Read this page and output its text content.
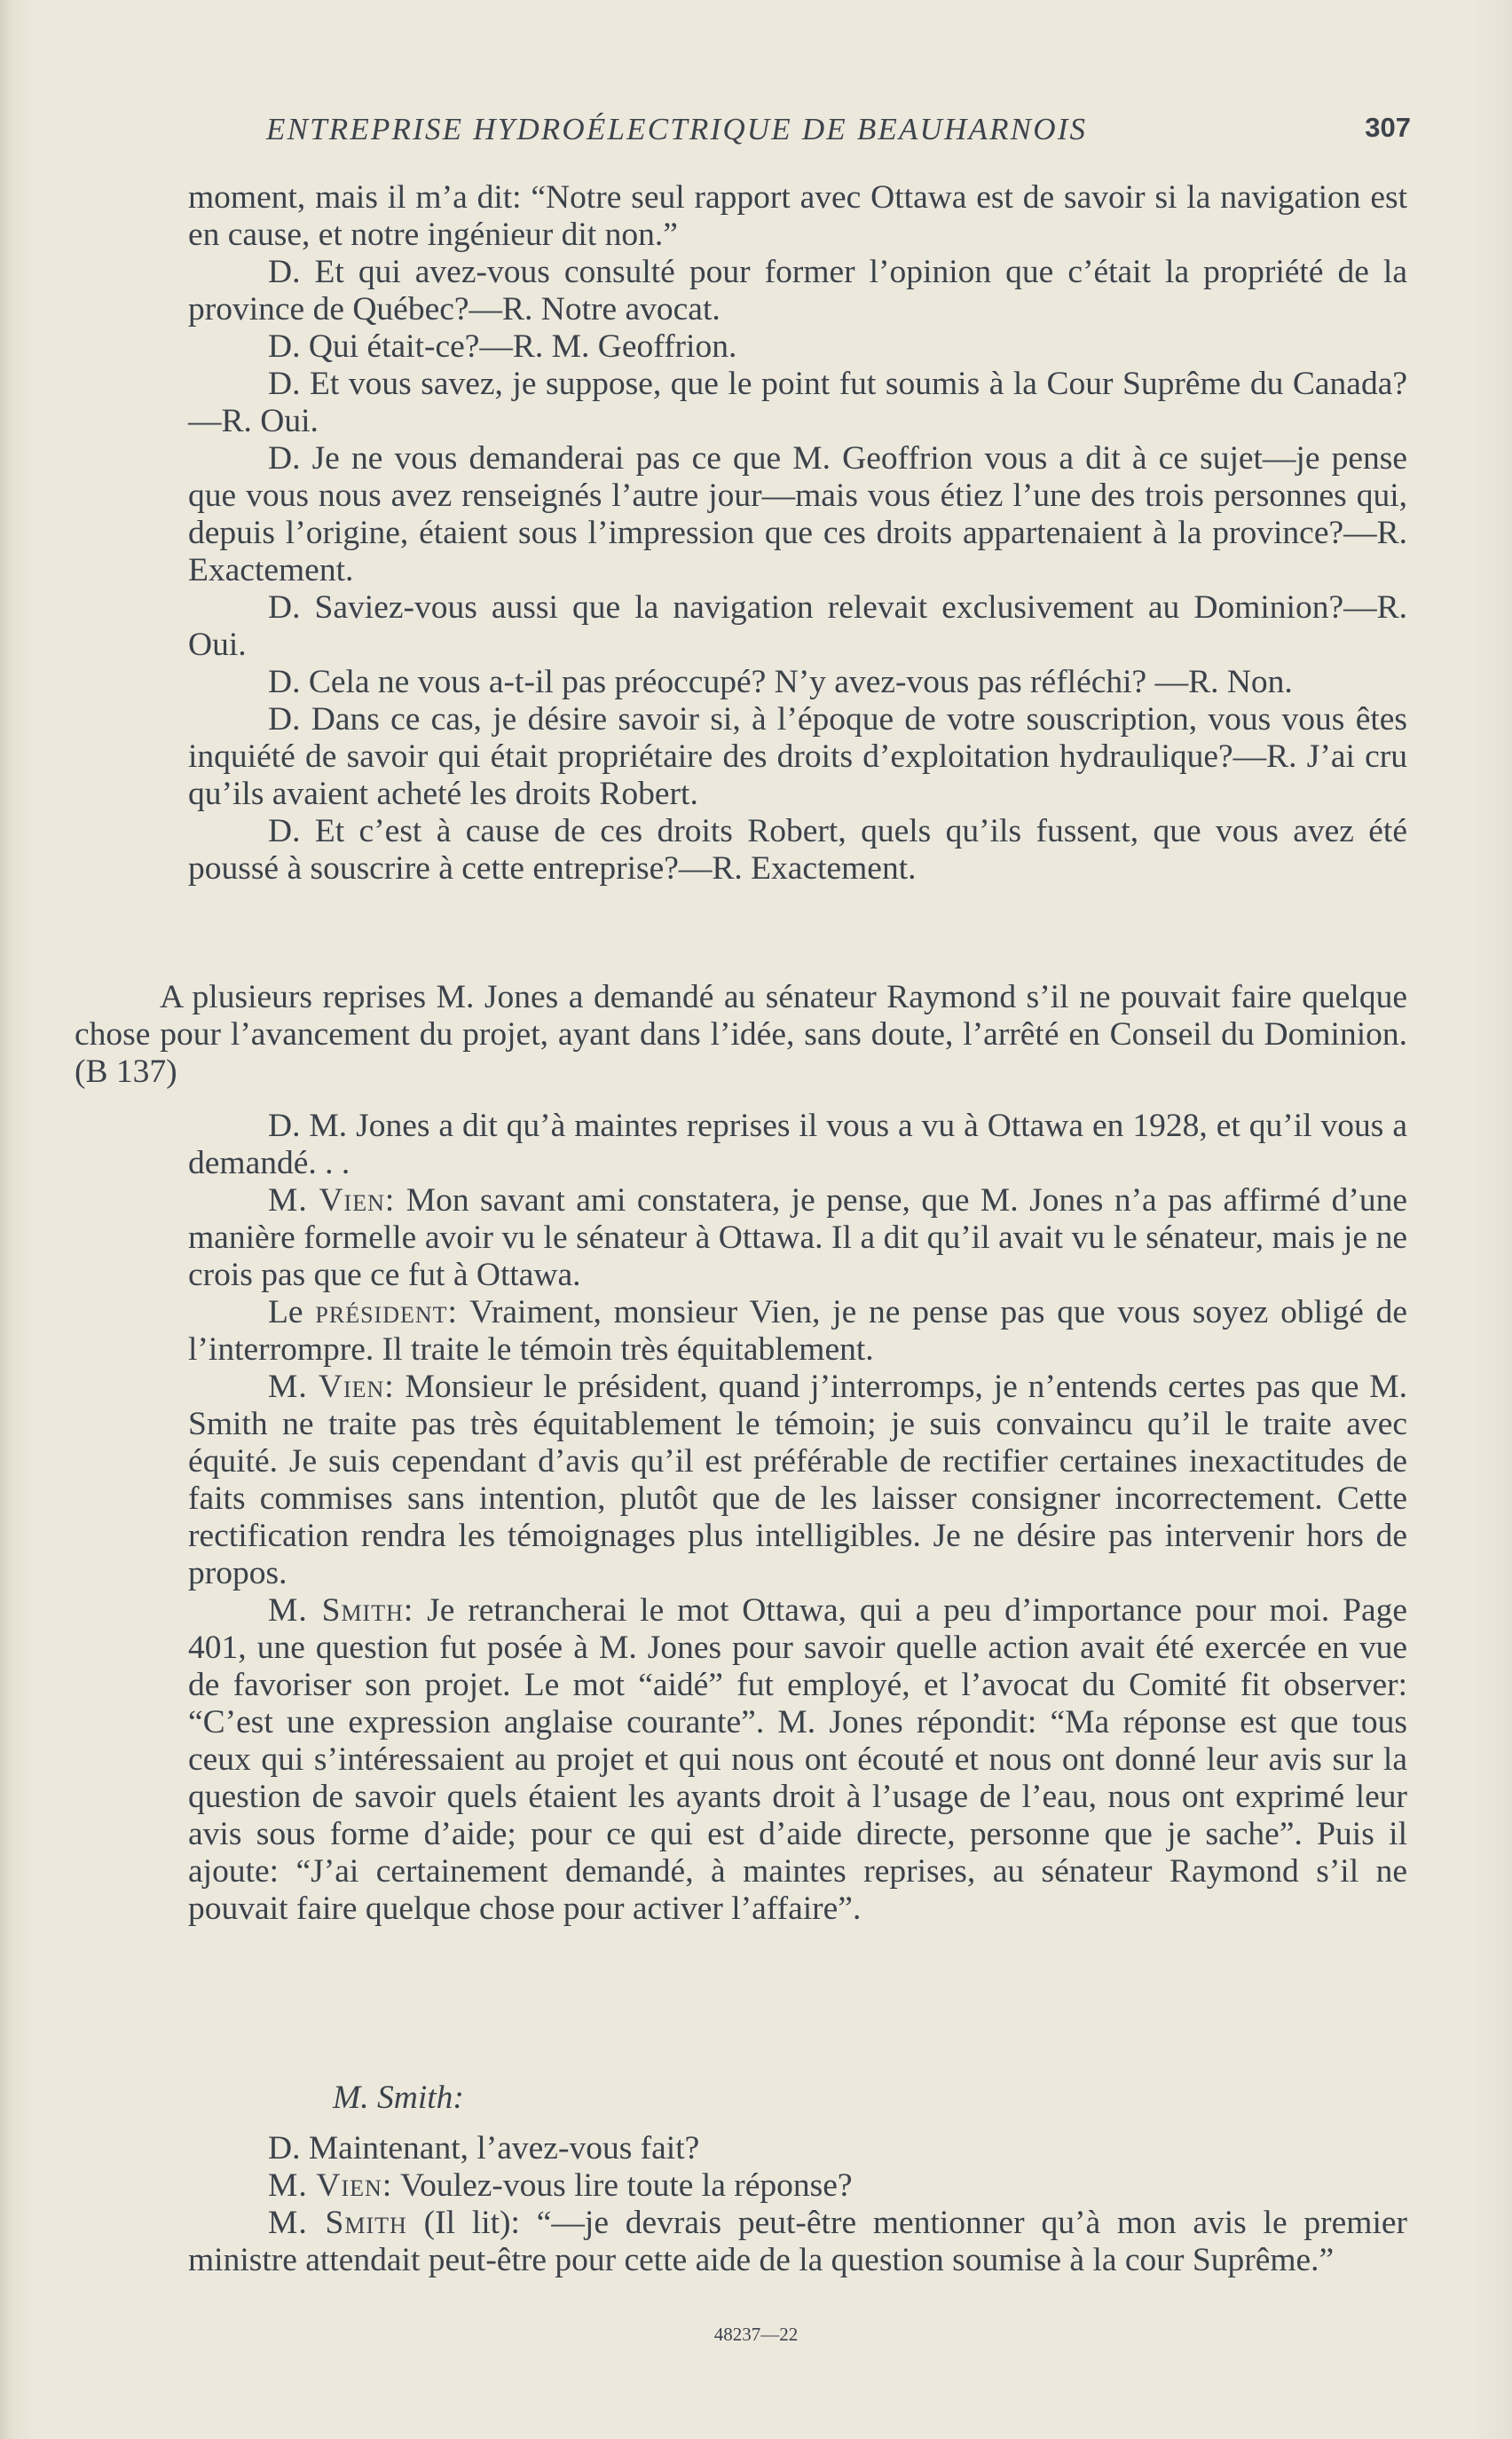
ENTREPRISE HYDROÉLECTRIQUE DE BEAUHARNOIS	307

moment, mais il m’a dit: “Notre seul rapport avec Ottawa est de savoir si la navigation est en cause, et notre ingénieur dit non.”

D. Et qui avez-vous consulté pour former l’opinion que c’était la propriété de la province de Québec?—R. Notre avocat.

D. Qui était-ce?—R. M. Geoffrion.

D. Et vous savez, je suppose, que le point fut soumis à la Cour Suprême du Canada?—R. Oui.

D. Je ne vous demanderai pas ce que M. Geoffrion vous a dit à ce sujet—je pense que vous nous avez renseignés l’autre jour—mais vous étiez l’une des trois personnes qui, depuis l’origine, étaient sous l’impression que ces droits appartenaient à la province?—R. Exactement.

D. Saviez-vous aussi que la navigation relevait exclusivement au Dominion?—R. Oui.

D. Cela ne vous a-t-il pas préoccupé? N’y avez-vous pas réfléchi? —R. Non.

D. Dans ce cas, je désire savoir si, à l’époque de votre souscription, vous vous êtes inquiété de savoir qui était propriétaire des droits d’exploitation hydraulique?—R. J’ai cru qu’ils avaient acheté les droits Robert.

D. Et c’est à cause de ces droits Robert, quels qu’ils fussent, que vous avez été poussé à souscrire à cette entreprise?—R. Exactement.

A plusieurs reprises M. Jones a demandé au sénateur Raymond s’il ne pouvait faire quelque chose pour l’avancement du projet, ayant dans l’idée, sans doute, l’arrêté en Conseil du Dominion. (B 137)

D. M. Jones a dit qu’à maintes reprises il vous a vu à Ottawa en 1928, et qu’il vous a demandé. . .

M. Vien: Mon savant ami constatera, je pense, que M. Jones n’a pas affirmé d’une manière formelle avoir vu le sénateur à Ottawa. Il a dit qu’il avait vu le sénateur, mais je ne crois pas que ce fut à Ottawa.

Le président: Vraiment, monsieur Vien, je ne pense pas que vous soyez obligé de l’interrompre. Il traite le témoin très équitablement.

M. Vien: Monsieur le président, quand j’interromps, je n’entends certes pas que M. Smith ne traite pas très équitablement le témoin; je suis convaincu qu’il le traite avec équité. Je suis cependant d’avis qu’il est préférable de rectifier certaines inexactitudes de faits commises sans intention, plutôt que de les laisser consigner incorrectement. Cette rectification rendra les témoignages plus intelligibles. Je ne désire pas intervenir hors de propos.

M. Smith: Je retrancherai le mot Ottawa, qui a peu d’importance pour moi. Page 401, une question fut posée à M. Jones pour savoir quelle action avait été exercée en vue de favoriser son projet. Le mot “aidé” fut employé, et l’avocat du Comité fit observer: “C’est une expression anglaise courante”. M. Jones répondit: “Ma réponse est que tous ceux qui s’intéressaient au projet et qui nous ont écouté et nous ont donné leur avis sur la question de savoir quels étaient les ayants droit à l’usage de l’eau, nous ont exprimé leur avis sous forme d’aide; pour ce qui est d’aide directe, personne que je sache”. Puis il ajoute: “J’ai certainement demandé, à maintes reprises, au sénateur Raymond s’il ne pouvait faire quelque chose pour activer l’affaire”.

M. Smith:

D. Maintenant, l’avez-vous fait?

M. Vien: Voulez-vous lire toute la réponse?

M. Smith (Il lit): “—je devrais peut-être mentionner qu’à mon avis le premier ministre attendait peut-être pour cette aide de la question soumise à la cour Suprême.”

48237—22
